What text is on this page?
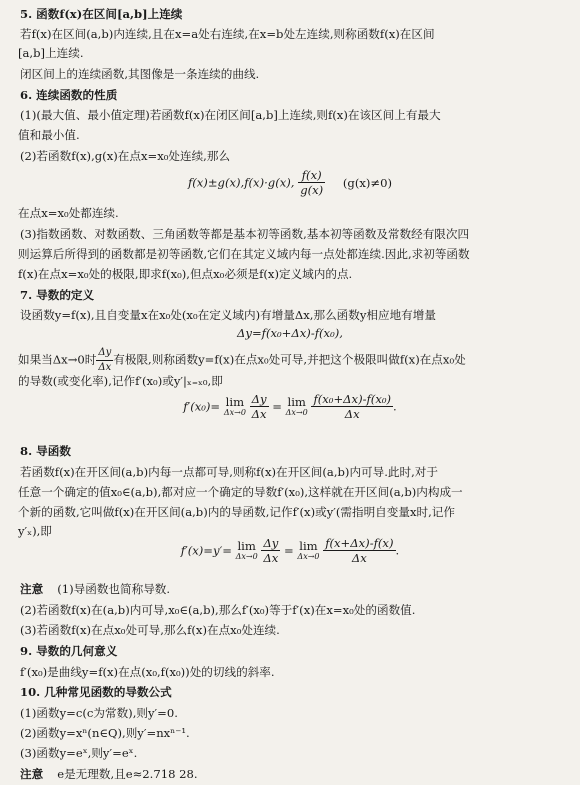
5. 函数f(x)在区间[a,b]上连续
若f(x)在区间(a,b)内连续,且在x=a处右连续,在x=b处左连续,则称函数f(x)在区间
[a,b]上连续.
闭区间上的连续函数,其图像是一条连续的曲线.
6. 连续函数的性质
(1)(最大值、最小值定理)若函数f(x)在闭区间[a,b]上连续,则f(x)在该区间上有最大
值和最小值.
(2)若函数f(x),g(x)在点x=x₀处连续,那么
f(x)±g(x),f(x)·g(x), $\frac{f(x)}{g(x)} (g(x)\ne 0)$
在点x=x₀处都连续.
(3)指数函数、对数函数、三角函数等都是基本初等函数,基本初等函数及常数经有限次四
则运算后所得到的函数都是初等函数,它们在其定义域内每一点处都连续.因此,求初等函数
f(x)在点x=x₀处的极限,即求f(x₀),但点x₀必须是f(x)定义域内的点.
7. 导数的定义
设函数y=f(x),且自变量x在x₀处(x₀在定义域内)有增量Δx,那么函数y相应地有增量
Δy=f(x₀+Δx)-f(x₀),
如果当Δx→0时 $\frac{\Delta y}{\Delta x}$ 有极限,则称函数y=f(x)在点x₀处可导,并把这个极限叫做f(x)在点x₀处
的导数(或变化率),记作f′(x₀)或y′|ₓ₌ₓ₀,即
f′(x₀)= lim
Δx→0
$\frac{\Delta y}{\Delta x} = \lim$
Δx→0
$\frac{\text{f(x₀+Δx)-f(x₀)}}{\Delta x}$ .
8. 导函数
若函数f(x)在开区间(a,b)内每一点都可导,则称f(x)在开区间(a,b)内可导.此时,对于
任意一个确定的值x₀∈(a,b),都对应一个确定的导数f′(x₀),这样就在开区间(a,b)内构成一
个新的函数,它叫做f(x)在开区间(a,b)内的导函数,记作f′(x)或y′(需指明自变量x时,记作
y′ₓ),即
f′(x)=y′= lim
Δx→0
$\frac{\Delta y}{\Delta x} = \lim$
Δx→0
$\frac{f(x+\Delta x)-f(x)}{\Delta x}$ .
注意 (1)导函数也简称导数.
(2)若函数f(x)在(a,b)内可导,x₀∈(a,b),那么f′(x₀)等于f′(x)在x=x₀处的函数值.
(3)若函数f(x)在点x₀处可导,那么f(x)在点x₀处连续.
9. 导数的几何意义
f′(x₀)是曲线y=f(x)在点(x₀,f(x₀))处的切线的斜率.
10. 几种常见函数的导数公式
(1)函数y=c(c为常数),则y′=0.
(2)函数y=xⁿ(n∈Q),则y′=nxⁿ⁻¹.
(3)函数y=eˣ,则y′=eˣ.
注意 e是无理数,且e≈2.718 28.
